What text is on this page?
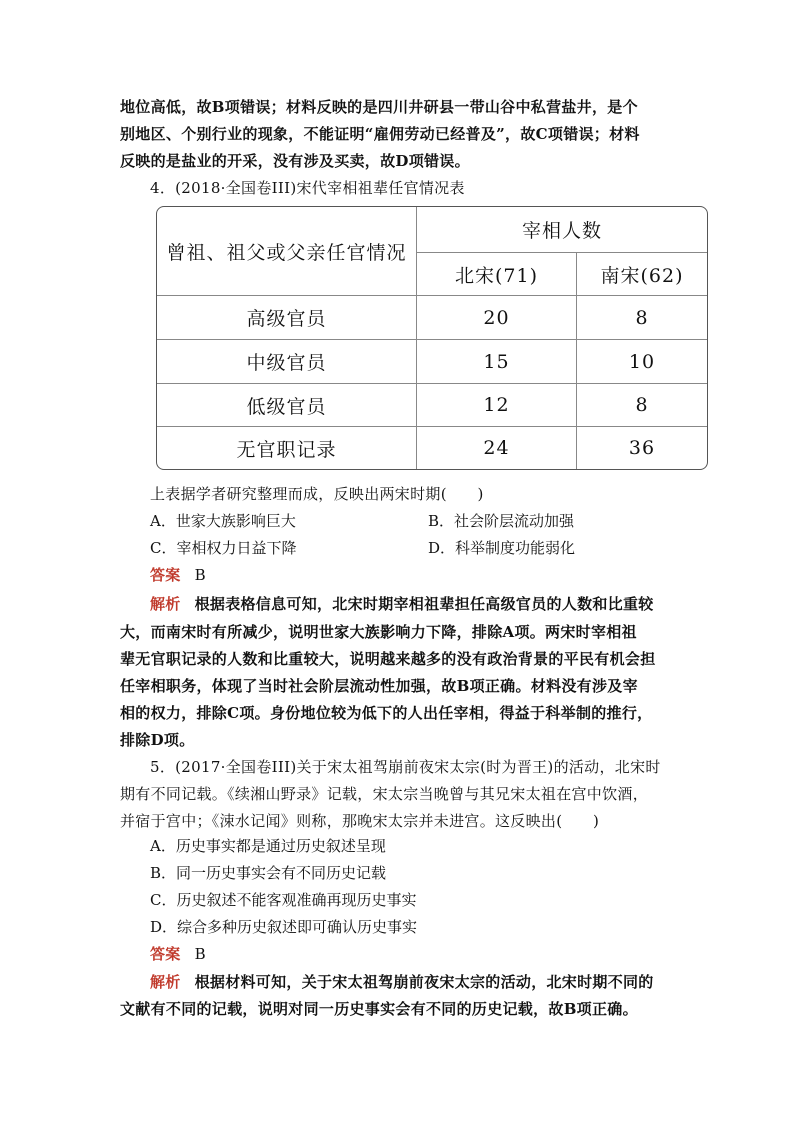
地位高低，故B项错误；材料反映的是四川井研县一带山谷中私营盐井，是个
别地区、个别行业的现象，不能证明“雇佣劳动已经普及”，故C项错误；材料
反映的是盐业的开采，没有涉及买卖，故D项错误。
4．(2018·全国卷III)宋代宰相祖辈任官情况表
曾祖、祖父或父亲任官情况
宰相人数
北宋(71)	南宋(62)
高级官员	20	8
中级官员	15	10
低级官员	12	8
无官职记录	24	36
上表据学者研究整理而成，反映出两宋时期(　　)
A．世家大族影响巨大	B．社会阶层流动加强
C．宰相权力日益下降	D．科举制度功能弱化
答案 B
解析 根据表格信息可知，北宋时期宰相祖辈担任高级官员的人数和比重较
大，而南宋时有所减少，说明世家大族影响力下降，排除A项。两宋时宰相祖
辈无官职记录的人数和比重较大，说明越来越多的没有政治背景的平民有机会担
任宰相职务，体现了当时社会阶层流动性加强，故B项正确。材料没有涉及宰
相的权力，排除C项。身份地位较为低下的人出任宰相，得益于科举制的推行，
排除D项。
5．(2017·全国卷III)关于宋太祖驾崩前夜宋太宗(时为晋王)的活动，北宋时
期有不同记载。《续湘山野录》记载，宋太宗当晚曾与其兄宋太祖在宫中饮酒，
并宿于宫中；《涑水记闻》则称，那晚宋太宗并未进宫。这反映出(　　)
A．历史事实都是通过历史叙述呈现
B．同一历史事实会有不同历史记载
C．历史叙述不能客观准确再现历史事实
D．综合多种历史叙述即可确认历史事实
答案 B
解析 根据材料可知，关于宋太祖驾崩前夜宋太宗的活动，北宋时期不同的
文献有不同的记载，说明对同一历史事实会有不同的历史记载，故B项正确。
